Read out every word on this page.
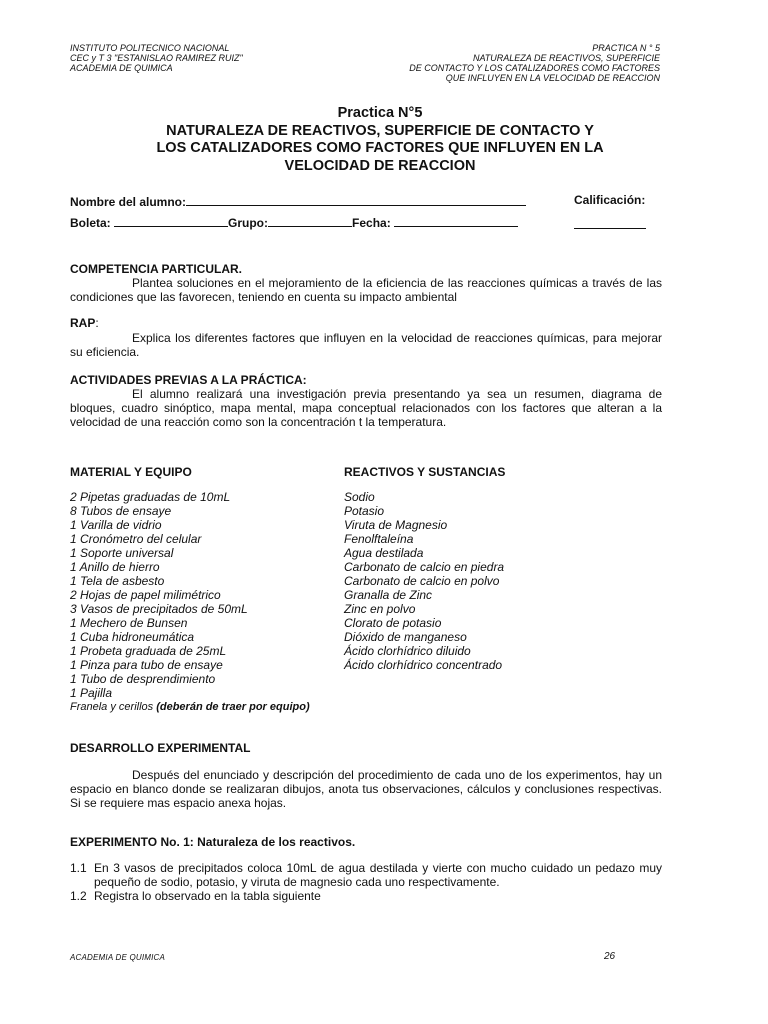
INSTITUTO POLITECNICO NACIONAL
CEC y T 3 "ESTANISLAO RAMIREZ RUIZ"
ACADEMIA DE QUIMICA
PRACTICA N ° 5
NATURALEZA DE REACTIVOS, SUPERFICIE
DE CONTACTO Y LOS CATALIZADORES COMO FACTORES
QUE INFLUYEN EN LA VELOCIDAD DE REACCION
Practica N°5
NATURALEZA DE REACTIVOS, SUPERFICIE DE CONTACTO Y
LOS CATALIZADORES COMO FACTORES QUE INFLUYEN EN LA
VELOCIDAD DE REACCION
Nombre del alumno:	Calificación:
Boleta:	Grupo:	Fecha:
COMPETENCIA PARTICULAR.
Plantea soluciones en el mejoramiento de la eficiencia de las reacciones químicas a través de las condiciones que las favorecen, teniendo en cuenta su impacto ambiental
RAP:
Explica los diferentes factores que influyen en la velocidad de reacciones químicas, para mejorar su eficiencia.
ACTIVIDADES PREVIAS A LA PRÁCTICA:
El alumno realizará una investigación previa presentando ya sea un resumen, diagrama de bloques, cuadro sinóptico, mapa mental, mapa conceptual relacionados con los factores que alteran a la velocidad de una reacción como son la concentración t la temperatura.
MATERIAL Y EQUIPO
2 Pipetas graduadas de 10mL
8 Tubos de ensaye
1 Varilla de vidrio
1 Cronómetro del celular
1 Soporte universal
1 Anillo de hierro
1 Tela de asbesto
2 Hojas de papel milimétrico
3 Vasos de precipitados de 50mL
1 Mechero de Bunsen
1 Cuba hidroneumática
1 Probeta graduada de 25mL
1 Pinza para tubo de ensaye
1 Tubo de desprendimiento
1 Pajilla
Franela y cerillos (deberán de traer por equipo)
REACTIVOS Y SUSTANCIAS
Sodio
Potasio
Viruta de Magnesio
Fenolftaleína
Agua destilada
Carbonato de calcio en piedra
Carbonato de calcio en polvo
Granalla de Zinc
Zinc en polvo
Clorato de potasio
Dióxido de manganeso
Ácido clorhídrico diluido
Ácido clorhídrico concentrado
DESARROLLO EXPERIMENTAL
Después del enunciado y descripción del procedimiento de cada uno de los experimentos, hay un espacio en blanco donde se realizaran dibujos, anota tus observaciones, cálculos y conclusiones respectivas. Si se requiere mas espacio anexa hojas.
EXPERIMENTO No. 1: Naturaleza de los reactivos.
1.1 En 3 vasos de precipitados coloca 10mL de agua destilada y vierte con mucho cuidado un pedazo muy pequeño de sodio, potasio, y viruta de magnesio cada uno respectivamente.
1.2 Registra lo observado en la tabla siguiente
ACADEMIA DE QUIMICA	26
